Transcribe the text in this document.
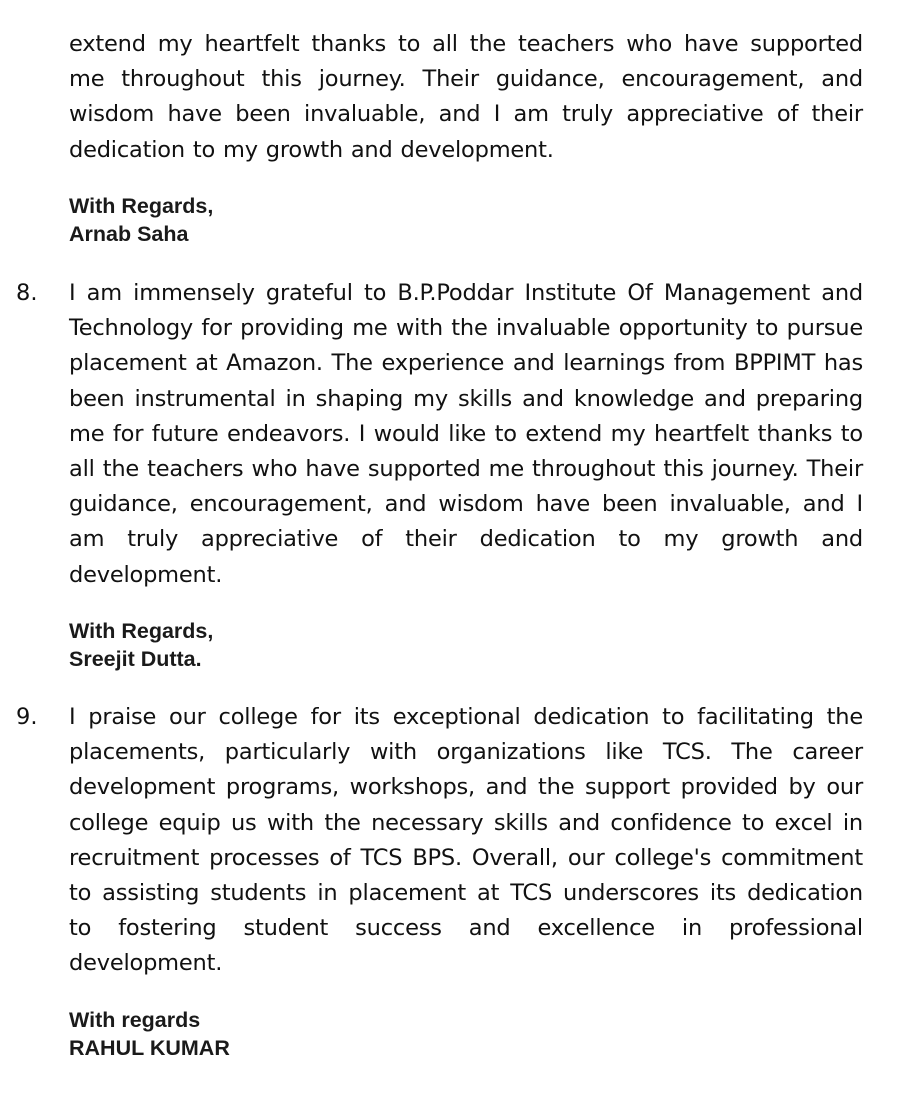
extend my heartfelt thanks to all the teachers who have supported me throughout this journey. Their guidance, encouragement, and wisdom have been invaluable, and I am truly appreciative of their dedication to my growth and development.
With Regards,
Arnab Saha
8. I am immensely grateful to B.P.Poddar Institute Of Management and Technology for providing me with the invaluable opportunity to pursue placement at Amazon. The experience and learnings from BPPIMT has been instrumental in shaping my skills and knowledge and preparing me for future endeavors. I would like to extend my heartfelt thanks to all the teachers who have supported me throughout this journey. Their guidance, encouragement, and wisdom have been invaluable, and I am truly appreciative of their dedication to my growth and development.
With Regards,
Sreejit Dutta.
9. I praise our college for its exceptional dedication to facilitating the placements, particularly with organizations like TCS. The career development programs, workshops, and the support provided by our college equip us with the necessary skills and confidence to excel in recruitment processes of TCS BPS. Overall, our college's commitment to assisting students in placement at TCS underscores its dedication to fostering student success and excellence in professional development.
With regards
RAHUL KUMAR
